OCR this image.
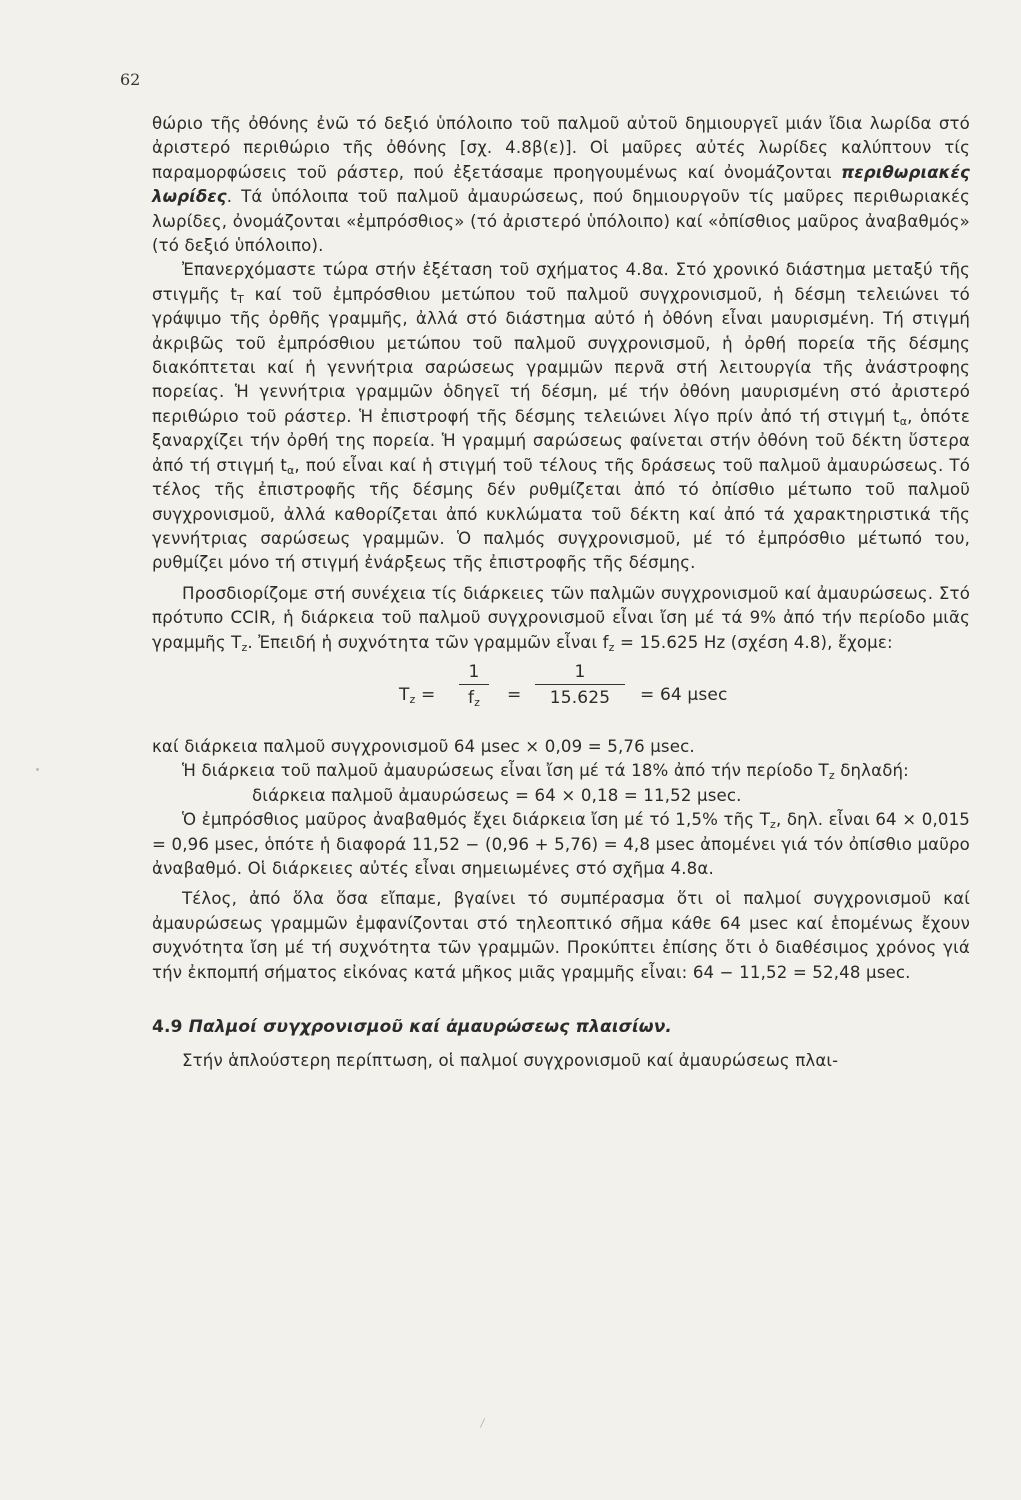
62

θώριο τῆς ὀθόνης ἐνῶ τό δεξιό ὑπόλοιπο τοῦ παλμοῦ αὐτοῦ δημιουργεῖ μιάν ἴδια λωρίδα στό ἀριστερό περιθώριο τῆς ὀθόνης [σχ. 4.8β(ε)]. Οἱ μαῦρες αὐτές λωρίδες καλύπτουν τίς παραμορφώσεις τοῦ ράστερ, πού ἐξετάσαμε προηγουμένως καί ὀνομάζονται περιθωριακές λωρίδες. Τά ὑπόλοιπα τοῦ παλμοῦ ἀμαυρώσεως, πού δημιουργοῦν τίς μαῦρες περιθωριακές λωρίδες, ὀνομάζονται «ἐμπρόσθιος» (τό ἀριστερό ὑπόλοιπο) καί «ὀπίσθιος μαῦρος ἀναβαθμός» (τό δεξιό ὑπόλοιπο).

Ἐπανερχόμαστε τώρα στήν ἐξέταση τοῦ σχήματος 4.8α. Στό χρονικό διάστημα μεταξύ τῆς στιγμῆς $t_T$ καί τοῦ ἐμπρόσθιου μετώπου τοῦ παλμοῦ συγχρονισμοῦ, ἡ δέσμη τελειώνει τό γράψιμο τῆς ὀρθῆς γραμμῆς, ἀλλά στό διάστημα αὐτό ἡ ὀθόνη εἶναι μαυρισμένη. Τή στιγμή ἀκριβῶς τοῦ ἐμπρόσθιου μετώπου τοῦ παλμοῦ συγχρονισμοῦ, ἡ ὀρθή πορεία τῆς δέσμης διακόπτεται καί ἡ γεννήτρια σαρώσεως γραμμῶν περνᾶ στή λειτουργία τῆς ἀνάστροφης πορείας. Ἡ γεννήτρια γραμμῶν ὁδηγεῖ τή δέσμη, μέ τήν ὀθόνη μαυρισμένη στό ἀριστερό περιθώριο τοῦ ράστερ. Ἡ ἐπιστροφή τῆς δέσμης τελειώνει λίγο πρίν ἀπό τή στιγμή $t_\alpha$, ὁπότε ξαναρχίζει τήν ὀρθή της πορεία. Ἡ γραμμή σαρώσεως φαίνεται στήν ὀθόνη τοῦ δέκτη ὕστερα ἀπό τή στιγμή $t_\alpha$, πού εἶναι καί ἡ στιγμή τοῦ τέλους τῆς δράσεως τοῦ παλμοῦ ἀμαυρώσεως. Τό τέλος τῆς ἐπιστροφῆς τῆς δέσμης δέν ρυθμίζεται ἀπό τό ὀπίσθιο μέτωπο τοῦ παλμοῦ συγχρονισμοῦ, ἀλλά καθορίζεται ἀπό κυκλώματα τοῦ δέκτη καί ἀπό τά χαρακτηριστικά τῆς γεννήτριας σαρώσεως γραμμῶν. Ὁ παλμός συγχρονισμοῦ, μέ τό ἐμπρόσθιο μέτωπό του, ρυθμίζει μόνο τή στιγμή ἐνάρξεως τῆς ἐπιστροφῆς τῆς δέσμης.

Προσδιορίζομε στή συνέχεια τίς διάρκειες τῶν παλμῶν συγχρονισμοῦ καί ἀμαυρώσεως. Στό πρότυπο CCIR, ἡ διάρκεια τοῦ παλμοῦ συγχρονισμοῦ εἶναι ἴση μέ τά 9% ἀπό τήν περίοδο μιᾶς γραμμῆς $T_z$. Ἐπειδή ἡ συχνότητα τῶν γραμμῶν εἶναι $f_z = 15.625$ Hz (σχέση 4.8), ἔχομε:

$T_z$ =
1
$f_z$	=
1
15.625	= 64 μsec

καί διάρκεια παλμοῦ συγχρονισμοῦ 64 μsec × 0,09 = 5,76 μsec.

Ἡ διάρκεια τοῦ παλμοῦ ἀμαυρώσεως εἶναι ἴση μέ τά 18% ἀπό τήν περίοδο $T_z$ δηλαδή:

διάρκεια παλμοῦ ἀμαυρώσεως = 64 × 0,18 = 11,52 μsec.

Ὁ ἐμπρόσθιος μαῦρος ἀναβαθμός ἔχει διάρκεια ἴση μέ τό 1,5% τῆς $T_z$, δηλ. εἶναι 64 × 0,015 = 0,96 μsec, ὁπότε ἡ διαφορά 11,52 − (0,96 + 5,76) = 4,8 μsec ἀπομένει γιά τόν ὀπίσθιο μαῦρο ἀναβαθμό. Οἱ διάρκειες αὐτές εἶναι σημειωμένες στό σχῆμα 4.8α.

Τέλος, ἀπό ὅλα ὅσα εἴπαμε, βγαίνει τό συμπέρασμα ὅτι οἱ παλμοί συγχρονισμοῦ καί ἀμαυρώσεως γραμμῶν ἐμφανίζονται στό τηλεοπτικό σῆμα κάθε 64 μsec καί ἑπομένως ἔχουν συχνότητα ἴση μέ τή συχνότητα τῶν γραμμῶν. Προκύπτει ἐπίσης ὅτι ὁ διαθέσιμος χρόνος γιά τήν ἐκπομπή σήματος εἰκόνας κατά μῆκος μιᾶς γραμμῆς εἶναι: 64 − 11,52 = 52,48 μsec.

4.9 Παλμοί συγχρονισμοῦ καί ἀμαυρώσεως πλαισίων.

Στήν ἁπλούστερη περίπτωση, οἱ παλμοί συγχρονισμοῦ καί ἀμαυρώσεως πλαι-
